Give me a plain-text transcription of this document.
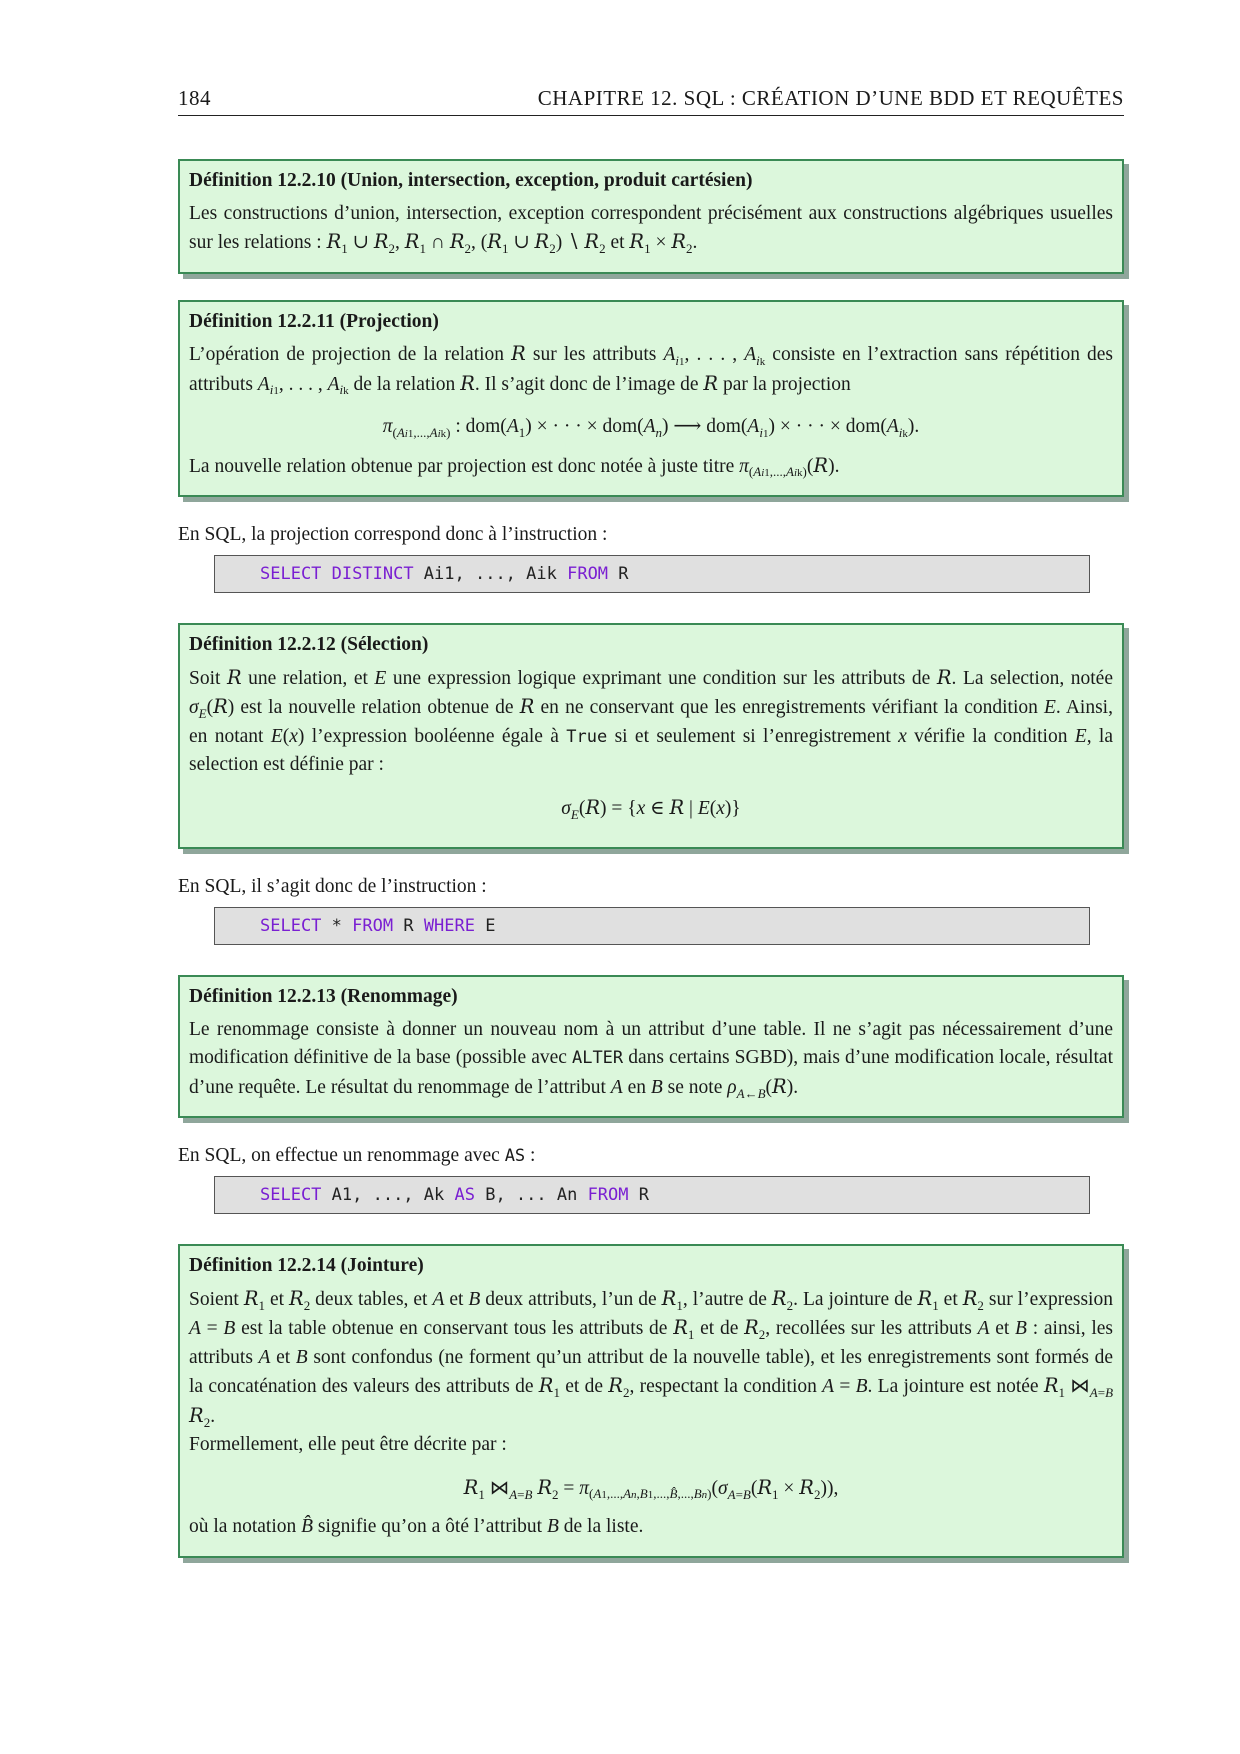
184	CHAPITRE 12. SQL : CRÉATION D’UNE BDD ET REQUÊTES
Définition 12.2.10 (Union, intersection, exception, produit cartésien)
Les constructions d’union, intersection, exception correspondent précisément aux constructions algébriques usuelles sur les relations : $R_1$ ∪ $R_2$, $R_1$ ∩ $R_2$, ($R_1$ ∪ $R_2$) ∖ $R_2$ et $R_1 \times R_2$.
Définition 12.2.11 (Projection)
L’opération de projection de la relation R sur les attributs $A_{i1}$, . . . , $A_{ik}$ consiste en l’extraction sans répétition des attributs $A_{i1}$, . . . , $A_{ik}$ de la relation R. Il s’agit donc de l’image de R par la projection
$\pi_{(Ai1,...,Aik)}$ : $dom(A_1)$ × · · · × $dom(A_n)$ ⟶ $dom(A_{i1})$ × · · · × $dom(A_{ik})$.
La nouvelle relation obtenue par projection est donc notée à juste titre $\pi_{(Ai1,...,Aik)}(R)$.
En SQL, la projection correspond donc à l’instruction :
SELECT DISTINCT Ai1, ..., Aik FROM R
Définition 12.2.12 (Sélection)
Soit R une relation, et E une expression logique exprimant une condition sur les attributs de R. La selection, notée $\sigma_E(R)$ est la nouvelle relation obtenue de R en ne conservant que les enregistrements vérifiant la condition E. Ainsi, en notant E(x) l’expression booléenne égale à True si et seulement si l’enregistrement x vérifie la condition E, la selection est définie par :
$\sigma_E(R) = \{x$ ∈ R | E(x)}
En SQL, il s’agit donc de l’instruction :
SELECT * FROM R WHERE E
Définition 12.2.13 (Renommage)
Le renommage consiste à donner un nouveau nom à un attribut d’une table. Il ne s’agit pas nécessairement d’une modification définitive de la base (possible avec ALTER dans certains SGBD), mais d’une modification locale, résultat d’une requête. Le résultat du renommage de l’attribut A en B se note $\rho_{A\leftarrow B}(R)$.
En SQL, on effectue un renommage avec AS :
SELECT A1, ..., Ak AS B, ... An FROM R
Définition 12.2.14 (Jointure)
Soient $R_1$ et $R_2$ deux tables, et A et B deux attributs, l’un de $R_1$, l’autre de $R_2$. La jointure de $R_1$ et $R_2$ sur l’expression A = B est la table obtenue en conservant tous les attributs de $R_1$ et de $R_2$, recollées sur les attributs A et B : ainsi, les attributs A et B sont confondus (ne forment qu’un attribut de la nouvelle table), et les enregistrements sont formés de la concaténation des valeurs des attributs de $R_1$ et de $R_2$, respectant la condition A = B. La jointure est notée $R_1$ $⋈_{A=B}$ $R_2$.
Formellement, elle peut être décrite par :
$R_1$ $⋈_{A=B}$ $R_2 = \pi_{(A1,...,An,B1,...,B̂,...,Bn)}(\sigma_{A=B}(R_1 \times R_2))$,
où la notation B̂ signifie qu’on a ôté l’attribut B de la liste.
